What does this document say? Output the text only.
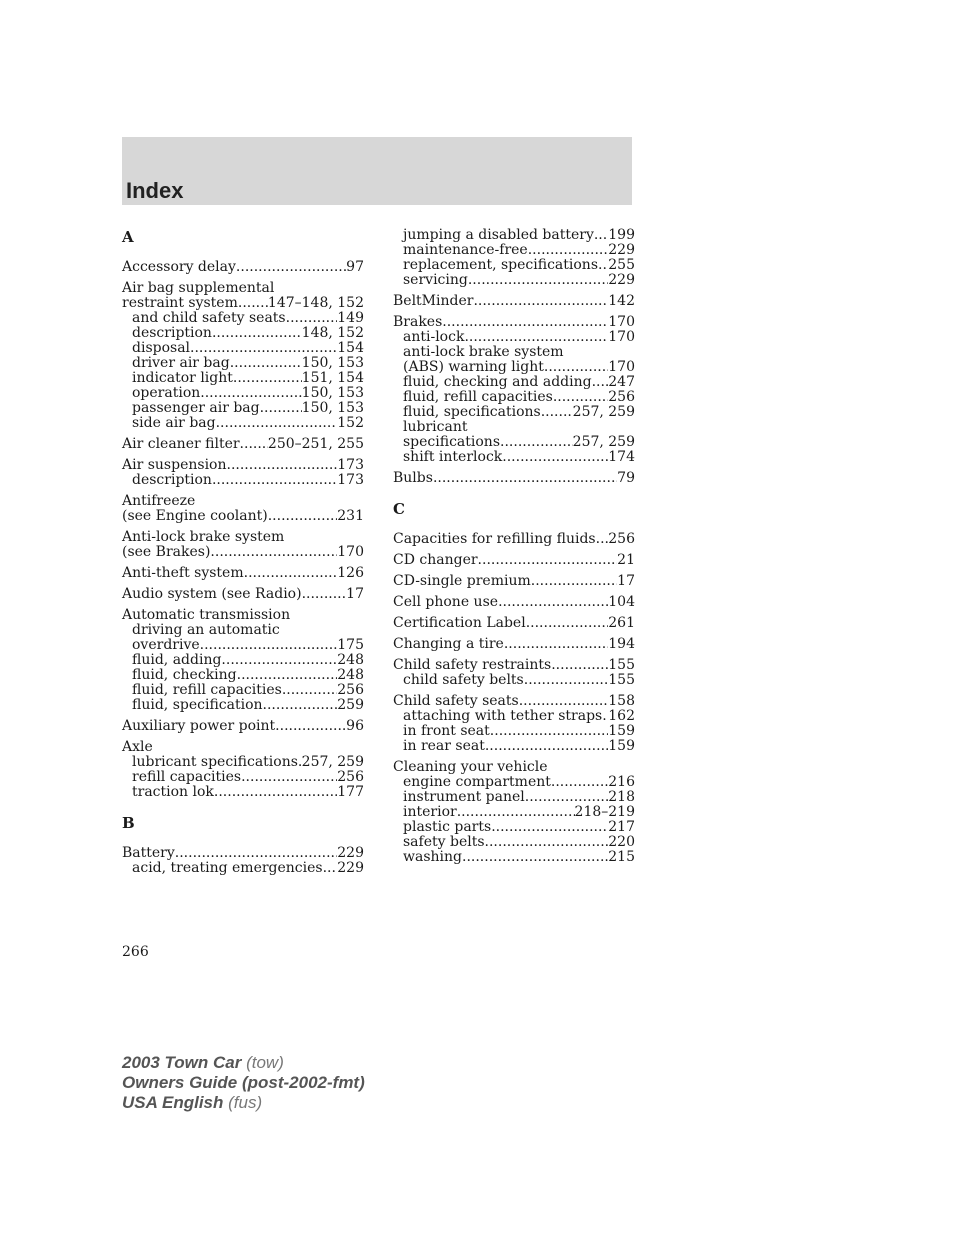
Index
A
Accessory delay .....	97
Air bag supplemental
restraint system ..... 147–148, 152
and child safety seats .....	149
description .....	148, 152
disposal .....	154
driver air bag .....	150, 153
indicator light .....	151, 154
operation .....	150, 153
passenger air bag .....	150, 153
side air bag .....	152
Air cleaner filter ..... 250–251, 255
Air suspension .....	173
description .....	173
Antifreeze
(see Engine coolant) .....	231
Anti-lock brake system
(see Brakes) .....	170
Anti-theft system .....	126
Audio system (see Radio) .....	17
Automatic transmission
driving an automatic
overdrive .....	175
fluid, adding .....	248
fluid, checking .....	248
fluid, refill capacities .....	256
fluid, specification .....	259
Auxiliary power point .....	96
Axle
lubricant specifications ..... 257, 259
refill capacities .....	256
traction lok .....	177
B
Battery .....	229
acid, treating emergencies ..... 229
jumping a disabled battery ..... 199
maintenance-free .....	229
replacement, specifications ..... 255
servicing .....	229
BeltMinder .....	142
Brakes .....	170
anti-lock .....	170
anti-lock brake system
(ABS) warning light .....	170
fluid, checking and adding ..... 247
fluid, refill capacities .....	256
fluid, specifications ..... 257, 259
lubricant
specifications .....	257, 259
shift interlock .....	174
Bulbs .....	79
C
Capacities for refilling fluids ..... 256
CD changer .....	21
CD-single premium .....	17
Cell phone use .....	104
Certification Label .....	261
Changing a tire .....	194
Child safety restraints .....	155
child safety belts .....	155
Child safety seats .....	158
attaching with tether straps ..... 162
in front seat .....	159
in rear seat .....	159
Cleaning your vehicle
engine compartment .....	216
instrument panel .....	218
interior .....	218–219
plastic parts .....	217
safety belts .....	220
washing .....	215
266
2003 Town Car (tow)
Owners Guide (post-2002-fmt)
USA English (fus)
